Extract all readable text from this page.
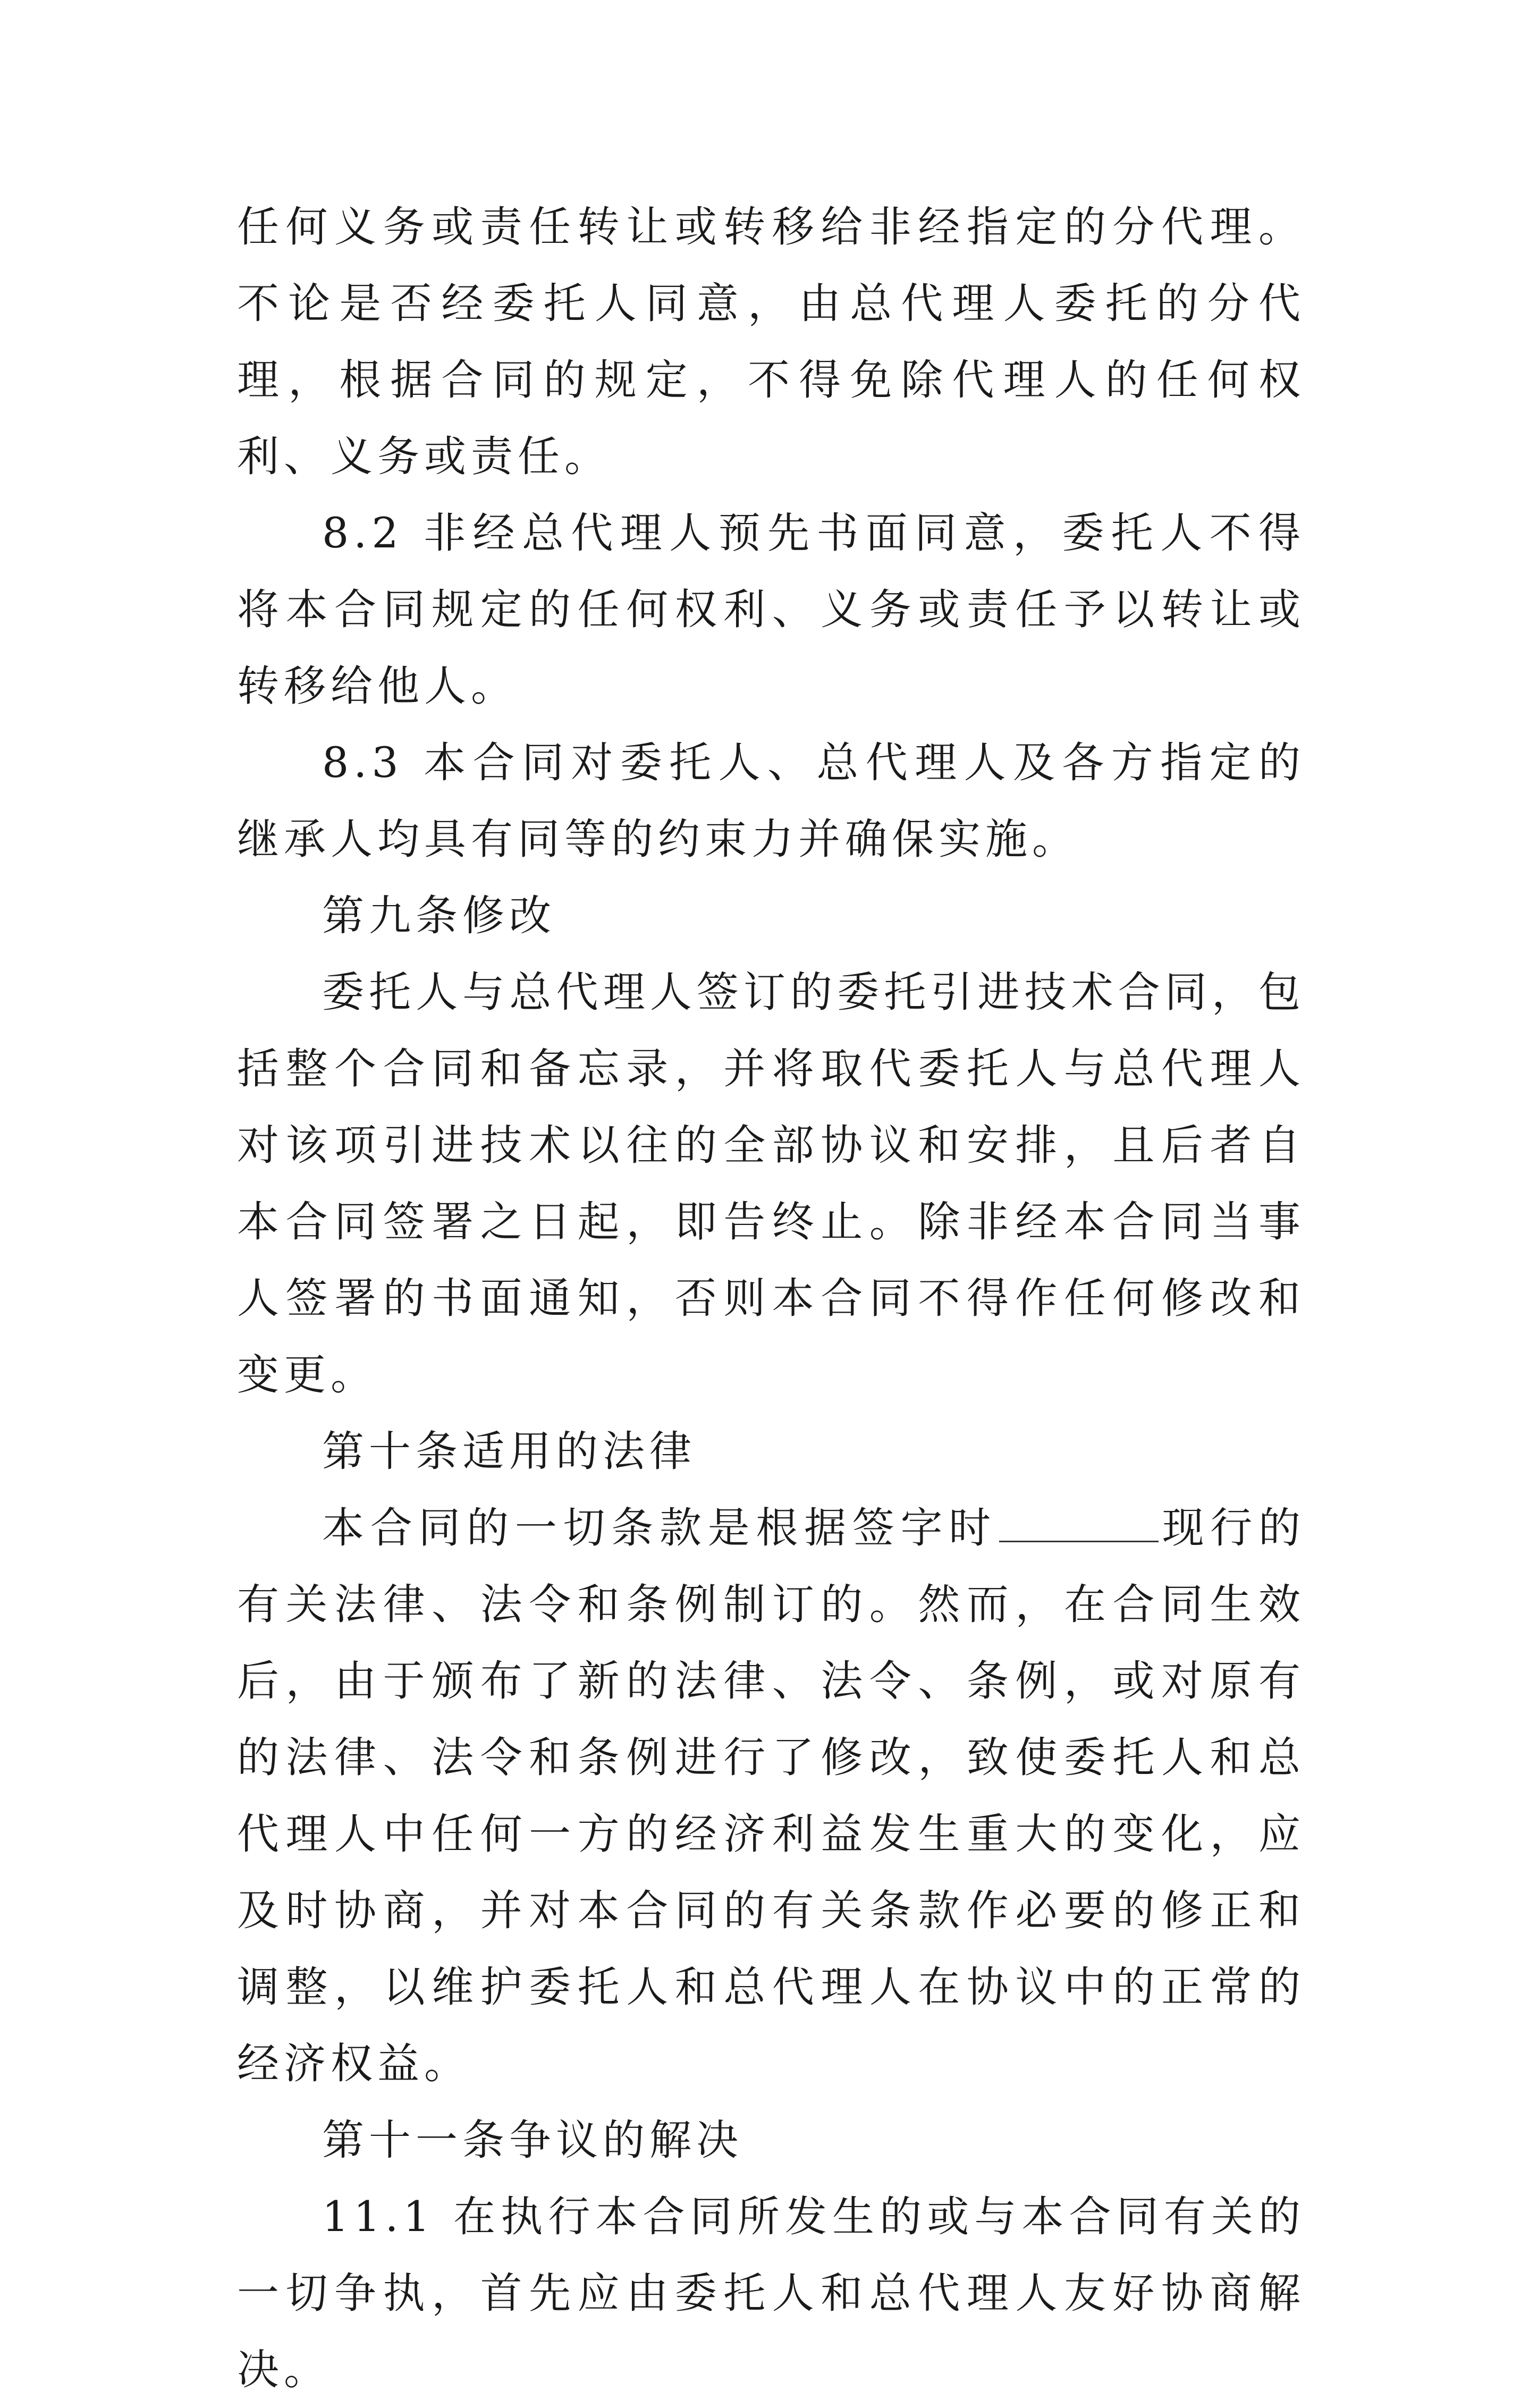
任何义务或责任转让或转移给非经指定的分代理。不论是否经委托人同意，由总代理人委托的分代理，根据合同的规定，不得免除代理人的任何权利、义务或责任。

8.2 非经总代理人预先书面同意，委托人不得将本合同规定的任何权利、义务或责任予以转让或转移给他人。

8.3 本合同对委托人、总代理人及各方指定的继承人均具有同等的约束力并确保实施。

第九条修改

委托人与总代理人签订的委托引进技术合同，包括整个合同和备忘录，并将取代委托人与总代理人对该项引进技术以往的全部协议和安排，且后者自本合同签署之日起，即告终止。除非经本合同当事人签署的书面通知，否则本合同不得作任何修改和变更。

第十条适用的法律

本合同的一切条款是根据签字时	现行的有关法律、法令和条例制订的。然而，在合同生效后，由于颁布了新的法律、法令、条例，或对原有的法律、法令和条例进行了修改，致使委托人和总代理人中任何一方的经济利益发生重大的变化，应及时协商，并对本合同的有关条款作必要的修正和调整，以维护委托人和总代理人在协议中的正常的经济权益。

第十一条争议的解决

11.1 在执行本合同所发生的或与本合同有关的一切争执，首先应由委托人和总代理人友好协商解决。
